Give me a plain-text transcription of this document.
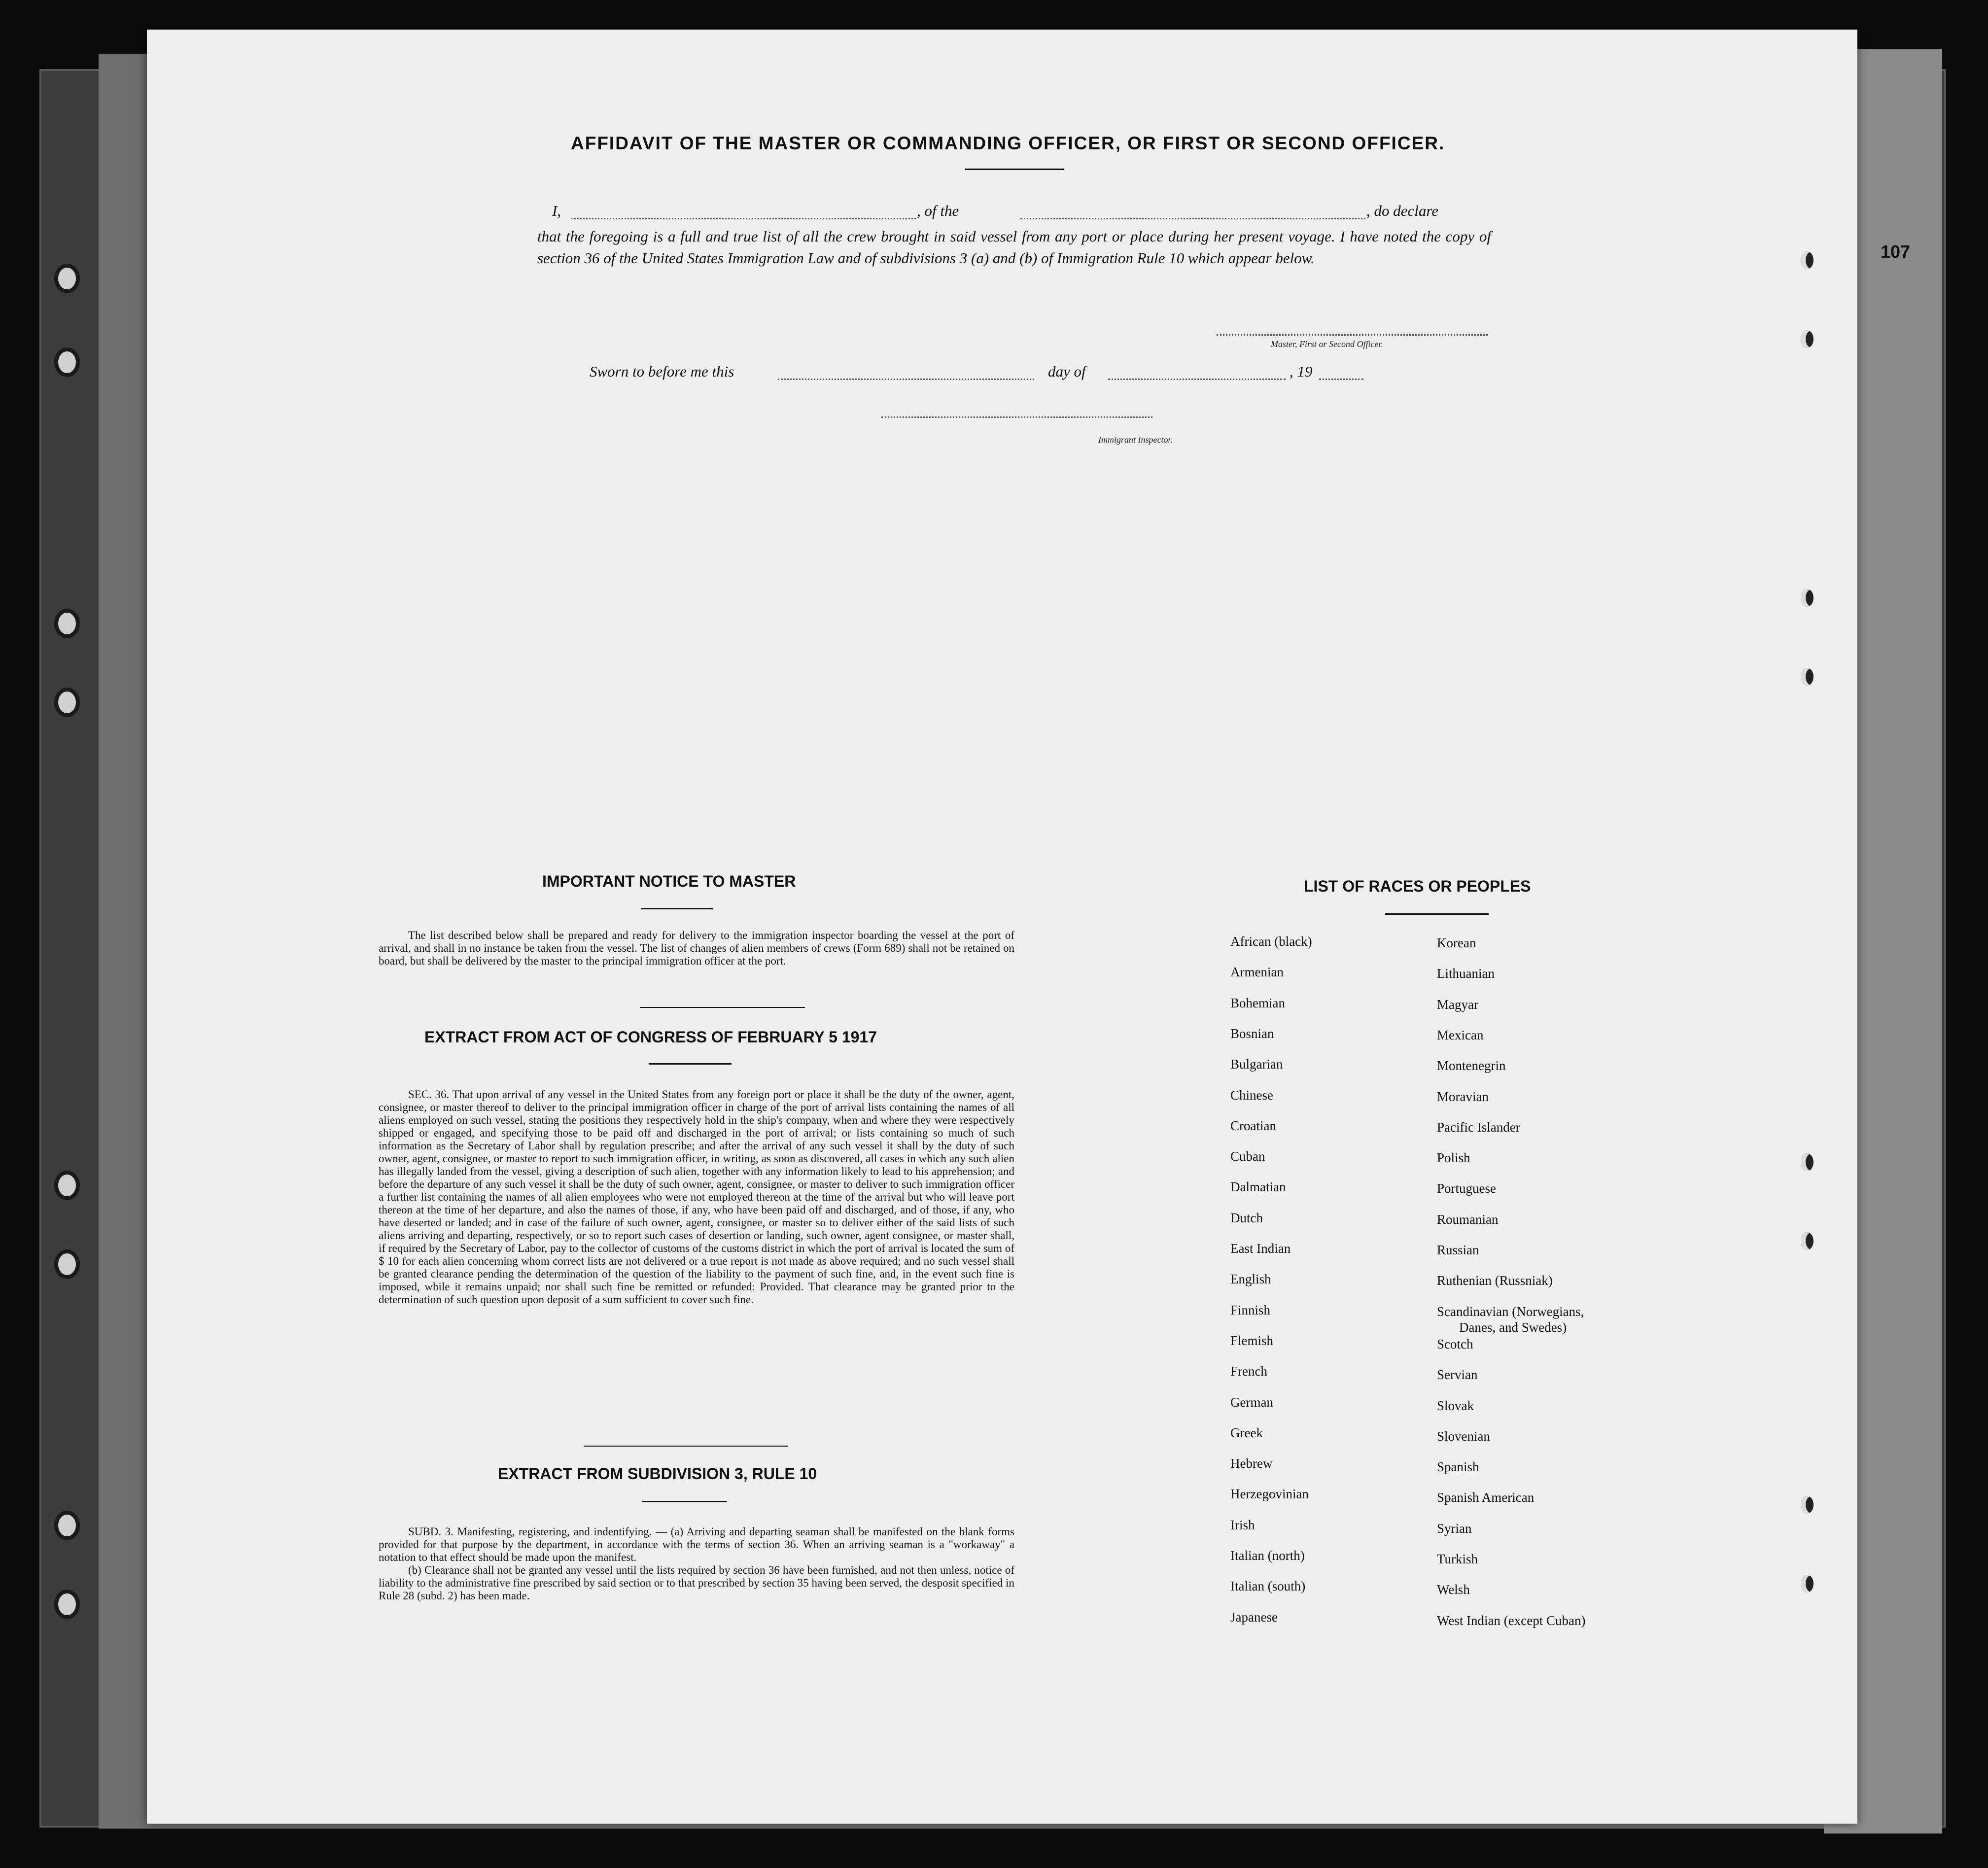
107
AFFIDAVIT OF THE MASTER OR COMMANDING OFFICER, OR FIRST OR SECOND OFFICER.
I,	, of the	, do declare
that the foregoing is a full and true list of all the crew brought in said vessel from any port or place during her present voyage. I have noted the copy of section 36 of the United States Immigration Law and of subdivisions 3 (a) and (b) of Immigration Rule 10 which appear below.
Master, First or Second Officer.
Sworn to before me this	day of	, 19
Immigrant Inspector.
IMPORTANT NOTICE TO MASTER

The list described below shall be prepared and ready for delivery to the immigration inspector boarding the vessel at the port of arrival, and shall in no instance be taken from the vessel. The list of changes of alien members of crews (Form 689) shall not be retained on board, but shall be delivered by the master to the principal immigration officer at the port.

EXTRACT FROM ACT OF CONGRESS OF FEBRUARY 5 1917

SEC. 36. That upon arrival of any vessel in the United States from any foreign port or place it shall be the duty of the owner, agent, consignee, or master thereof to deliver to the principal immigration officer in charge of the port of arrival lists containing the names of all aliens employed on such vessel, stating the positions they respectively hold in the ship's company, when and where they were respectively shipped or engaged, and specifying those to be paid off and discharged in the port of arrival; or lists containing so much of such information as the Secretary of Labor shall by regulation prescribe; and after the arrival of any such vessel it shall by the duty of such owner, agent, consignee, or master to report to such immigration officer, in writing, as soon as discovered, all cases in which any such alien has illegally landed from the vessel, giving a description of such alien, together with any information likely to lead to his apprehension; and before the departure of any such vessel it shall be the duty of such owner, agent, consignee, or master to deliver to such immigration officer a further list containing the names of all alien employees who were not employed thereon at the time of the arrival but who will leave port thereon at the time of her departure, and also the names of those, if any, who have been paid off and discharged, and of those, if any, who have deserted or landed; and in case of the failure of such owner, agent, consignee, or master so to deliver either of the said lists of such aliens arriving and departing, respectively, or so to report such cases of desertion or landing, such owner, agent consignee, or master shall, if required by the Secretary of Labor, pay to the collector of customs of the customs district in which the port of arrival is located the sum of $ 10 for each alien concerning whom correct lists are not delivered or a true report is not made as above required; and no such vessel shall be granted clearance pending the determination of the question of the liability to the payment of such fine, and, in the event such fine is imposed, while it remains unpaid; nor shall such fine be remitted or refunded: Provided. That clearance may be granted prior to the determination of such question upon deposit of a sum sufficient to cover such fine.

EXTRACT FROM SUBDIVISION 3, RULE 10

SUBD. 3. Manifesting, registering, and indentifying. — (a) Arriving and departing seaman shall be manifested on the blank forms provided for that purpose by the department, in accordance with the terms of section 36. When an arriving seaman is a "workaway" a notation to that effect should be made upon the manifest.

(b) Clearance shall not be granted any vessel until the lists required by section 36 have been furnished, and not then unless, notice of liability to the administrative fine prescribed by said section or to that prescribed by section 35 having been served, the desposit specified in Rule 28 (subd. 2) has been made.

LIST OF RACES OR PEOPLES
African (black)
Armenian
Bohemian
Bosnian
Bulgarian
Chinese
Croatian
Cuban
Dalmatian
Dutch
East Indian
English
Finnish
Flemish
French
German
Greek
Hebrew
Herzegovinian
Irish
Italian (north)
Italian (south)
Japanese
Korean
Lithuanian
Magyar
Mexican
Montenegrin
Moravian
Pacific Islander
Polish
Portuguese
Roumanian
Russian
Ruthenian (Russniak)
Scandinavian (Norwegians,
Danes, and Swedes)
Scotch
Servian
Slovak
Slovenian
Spanish
Spanish American
Syrian
Turkish
Welsh
West Indian (except Cuban)
